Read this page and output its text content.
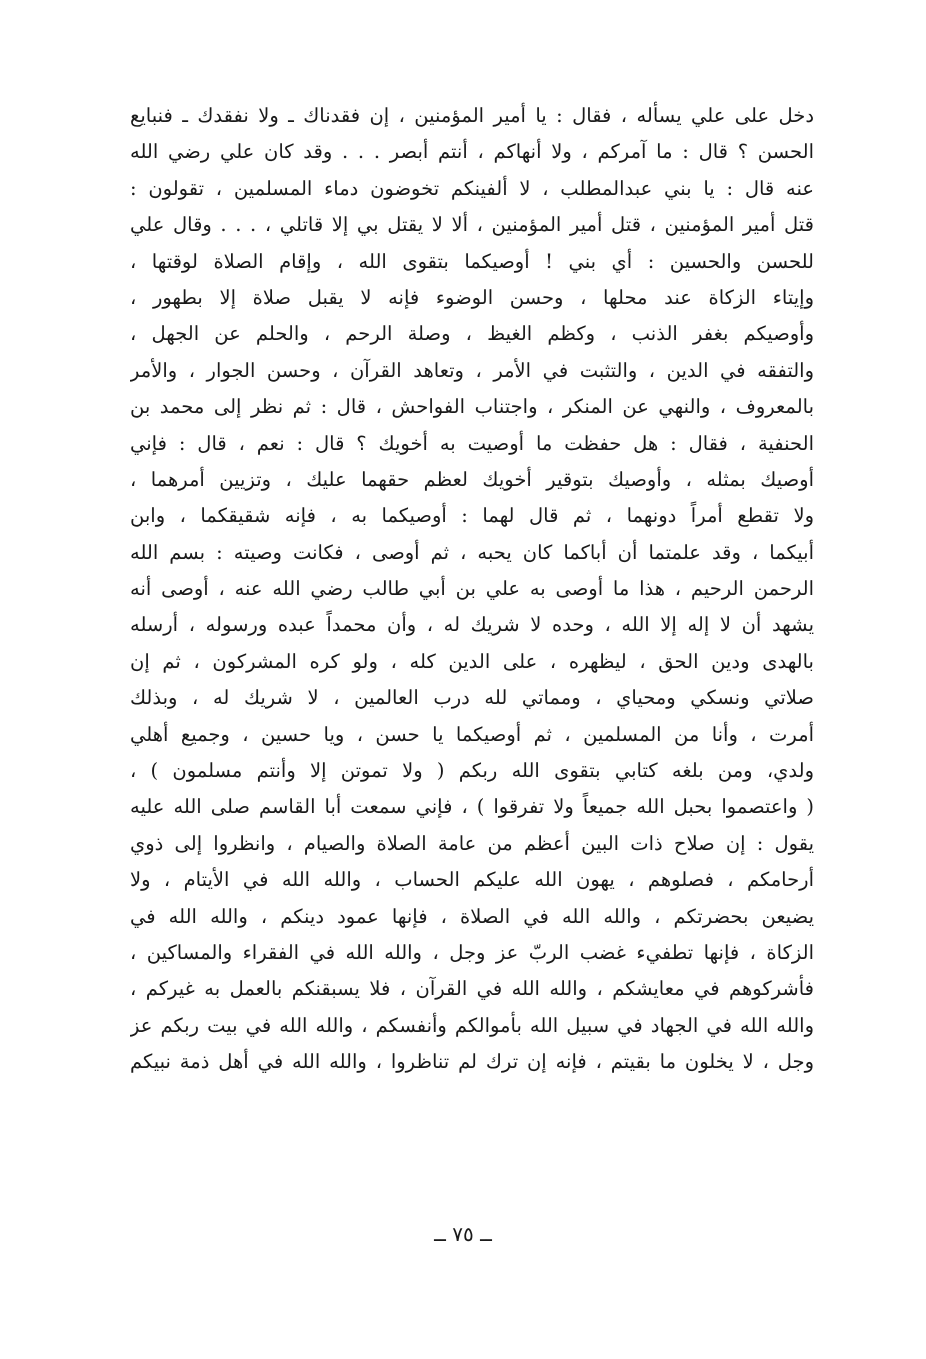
دخل على علي يسأله ، فقال : يا أمير المؤمنين ، إن فقدناك ـ ولا نفقدك ـ فنبايع
الحسن ؟ قال : ما آمركم ، ولا أنهاكم ، أنتم أبصر . . . وقد كان علي رضي الله
عنه قال : يا بني عبدالمطلب ، لا ألفينكم تخوضون دماء المسلمين ، تقولون :
قتل أمير المؤمنين ، قتل أمير المؤمنين ، ألا لا يقتل بي إلا قاتلي ، . . . وقال علي
للحسن والحسين : أي بني ! أوصيكما بتقوى الله ، وإقام الصلاة لوقتها ،
وإيتاء الزكاة عند محلها ، وحسن الوضوء فإنه لا يقبل صلاة إلا بطهور ،
وأوصيكم بغفر الذنب ، وكظم الغيظ ، وصلة الرحم ، والحلم عن الجهل ،
والتفقه في الدين ، والتثبت في الأمر ، وتعاهد القرآن ، وحسن الجوار ، والأمر
بالمعروف ، والنهي عن المنكر ، واجتناب الفواحش ، قال : ثم نظر إلى محمد بن
الحنفية ، فقال : هل حفظت ما أوصيت به أخويك ؟ قال : نعم ، قال : فإني
أوصيك بمثله ، وأوصيك بتوقير أخويك لعظم حقهما عليك ، وتزيين أمرهما ،
ولا تقطع أمراً دونهما ، ثم قال لهما : أوصيكما به ، فإنه شقيقكما ، وابن
أبيكما ، وقد علمتما أن أباكما كان يحبه ، ثم أوصى ، فكانت وصيته : بسم الله
الرحمن الرحيم ، هذا ما أوصى به علي بن أبي طالب رضي الله عنه ، أوصى أنه
يشهد أن لا إله إلا الله ، وحده لا شريك له ، وأن محمداً عبده ورسوله ، أرسله
بالهدى ودين الحق ، ليظهره ، على الدين كله ، ولو كره المشركون ، ثم إن
صلاتي ونسكي ومحياي ، ومماتي لله درب العالمين ، لا شريك له ، وبذلك
أمرت ، وأنا من المسلمين ، ثم أوصيكما يا حسن ، ويا حسين ، وجميع أهلي
ولدي، ومن بلغه كتابي بتقوى الله ربكم ( ولا تموتن إلا وأنتم مسلمون ) ،
( واعتصموا بحبل الله جميعاً ولا تفرقوا ) ، فإني سمعت أبا القاسم صلى الله عليه
يقول : إن صلاح ذات البين أعظم من عامة الصلاة والصيام ، وانظروا إلى ذوي
أرحامكم ، فصلوهم ، يهون الله عليكم الحساب ، والله الله في الأيتام ، ولا
يضيعن بحضرتكم ، والله الله في الصلاة ، فإنها عمود دينكم ، والله الله في
الزكاة ، فإنها تطفيء غضب الربّ عز وجل ، والله الله في الفقراء والمساكين ،
فأشركوهم في معايشكم ، والله الله في القرآن ، فلا يسبقنكم بالعمل به غيركم ،
والله الله في الجهاد في سبيل الله بأموالكم وأنفسكم ، والله الله في بيت ربكم عز
وجل ، لا يخلون ما بقيتم ، فإنه إن ترك لم تناظروا ، والله الله في أهل ذمة نبيكم
ــ ٧٥ ــ
